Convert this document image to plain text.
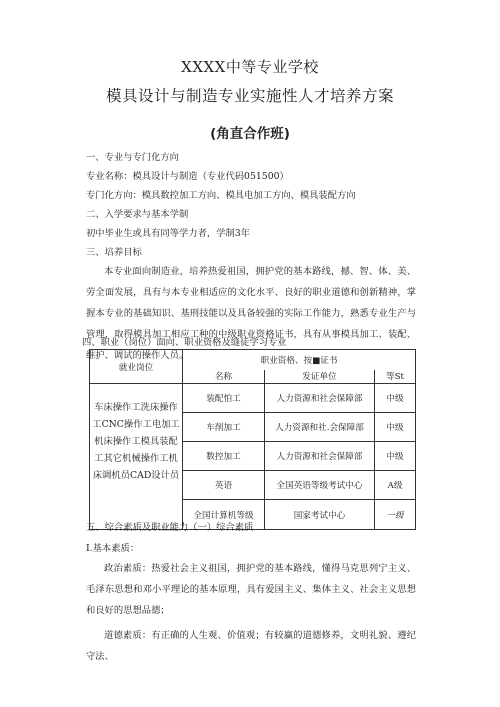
XXXX中等专业学校
模具设计与制造专业实施性人才培养方案
(角直合作班)
一、专业与专门化方向
专业名称：模具设计与制造（专业代码051500）
专门化方向：模具数控加工方向、模具电加工方向、模具装配方向
二、入学要求与基本学制
初中毕业生或具有同等学力者，学制3年
三、培养目标
本专业面向制造业，培养热爱祖国，拥护党的基本路线，撼、智、体、美、劳全面发展，具有与本专业相适应的文化水平、良好的职业道德和创新精神，掌握本专业的基础知识、基刑技能以及具备较强的实际工作能力，熟悉专业生产与管理，取得模具加工相应工种的中级职业资格证书，具有从事模具加工、装配、维护、调试的操作人员。
四、职业（岗位）面向、职业资格及缝徒学习专业
就业岗位	职业资格、按■证书		
	名称	发证单位	等St

车床操作工洗床操作工CNC操作工电加工机床操作工模具装配工其它机械操作工机床调机员CAD设计员	装配怕工	人力资源和社会保障部	中级
	车削加工	人力资源和社.会保障部	中级
	数控加工	人力资源和社会保障部	中级
	英语	全国英语等级考试中心	A级
	全国计算机等级	国家考试中心	一级
五、综合素质及职业能力（一）综合素质
I.基本素质：
政治素质：热爱社会主义祖国，拥护党的基本路线，懂得马克思列宁主义、毛泽东思想和邓小平理论的基本原理，具有爱国主义、集体主义、社会主义思想和良好的思想品德；
道德素质：有正确的人生观、价值观；有较赢的道德修养，文明礼貌、遵纪守法、
